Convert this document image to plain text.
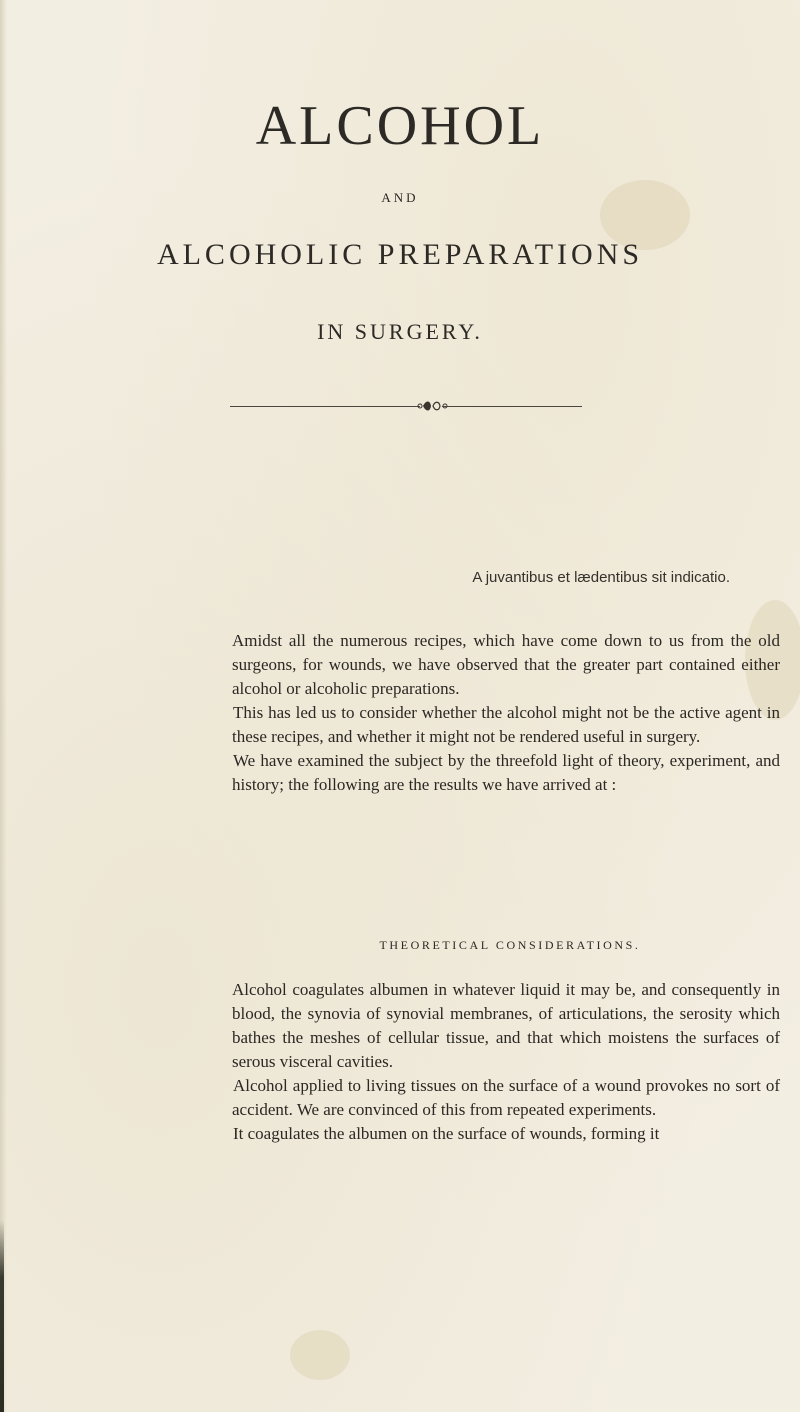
ALCOHOL
AND
ALCOHOLIC PREPARATIONS
IN SURGERY.
A juvantibus et lædentibus sit indicatio.

Amidst all the numerous recipes, which have come down to us from the old surgeons, for wounds, we have observed that the greater part contained either alcohol or alcoholic preparations.

This has led us to consider whether the alcohol might not be the active agent in these recipes, and whether it might not be rendered useful in surgery.

We have examined the subject by the threefold light of theory, experiment, and history; the following are the results we have arrived at :

THEORETICAL CONSIDERATIONS.

Alcohol coagulates albumen in whatever liquid it may be, and consequently in blood, the synovia of synovial membranes, of articulations, the serosity which bathes the meshes of cellular tissue, and that which moistens the surfaces of serous visceral cavities.

Alcohol applied to living tissues on the surface of a wound provokes no sort of accident. We are convinced of this from repeated experiments.

It coagulates the albumen on the surface of wounds, forming it
